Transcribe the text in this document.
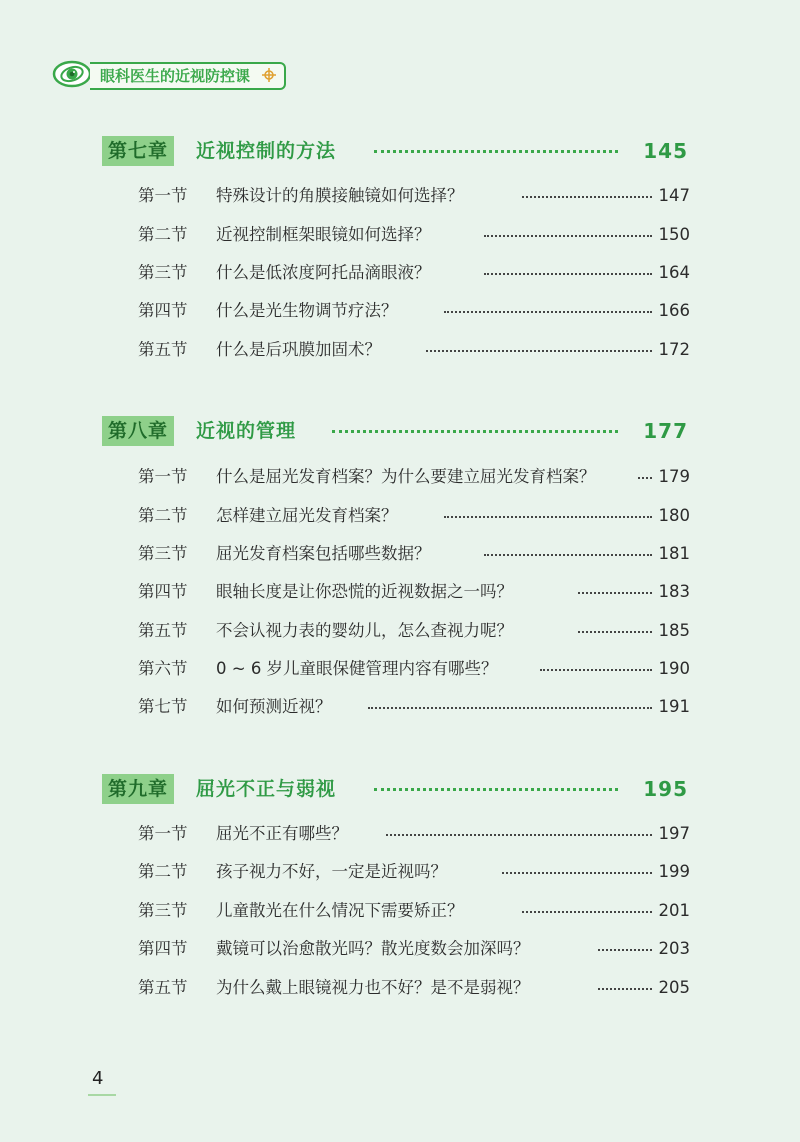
眼科医生的近视防控课
第七章	近视控制的方法	145
第一节 特殊设计的角膜接触镜如何选择？	147
第二节 近视控制框架眼镜如何选择？	150
第三节 什么是低浓度阿托品滴眼液？	164
第四节 什么是光生物调节疗法？	166
第五节 什么是后巩膜加固术？	172
第八章	近视的管理	177
第一节 什么是屈光发育档案？为什么要建立屈光发育档案？	179
第二节 怎样建立屈光发育档案？	180
第三节 屈光发育档案包括哪些数据？	181
第四节 眼轴长度是让你恐慌的近视数据之一吗？	183
第五节 不会认视力表的婴幼儿，怎么查视力呢？	185
第六节 0 ~ 6 岁儿童眼保健管理内容有哪些？	190
第七节 如何预测近视？	191
第九章	屈光不正与弱视	195
第一节 屈光不正有哪些？	197
第二节 孩子视力不好，一定是近视吗？	199
第三节 儿童散光在什么情况下需要矫正？	201
第四节 戴镜可以治愈散光吗？散光度数会加深吗？	203
第五节 为什么戴上眼镜视力也不好？是不是弱视？	205
4
